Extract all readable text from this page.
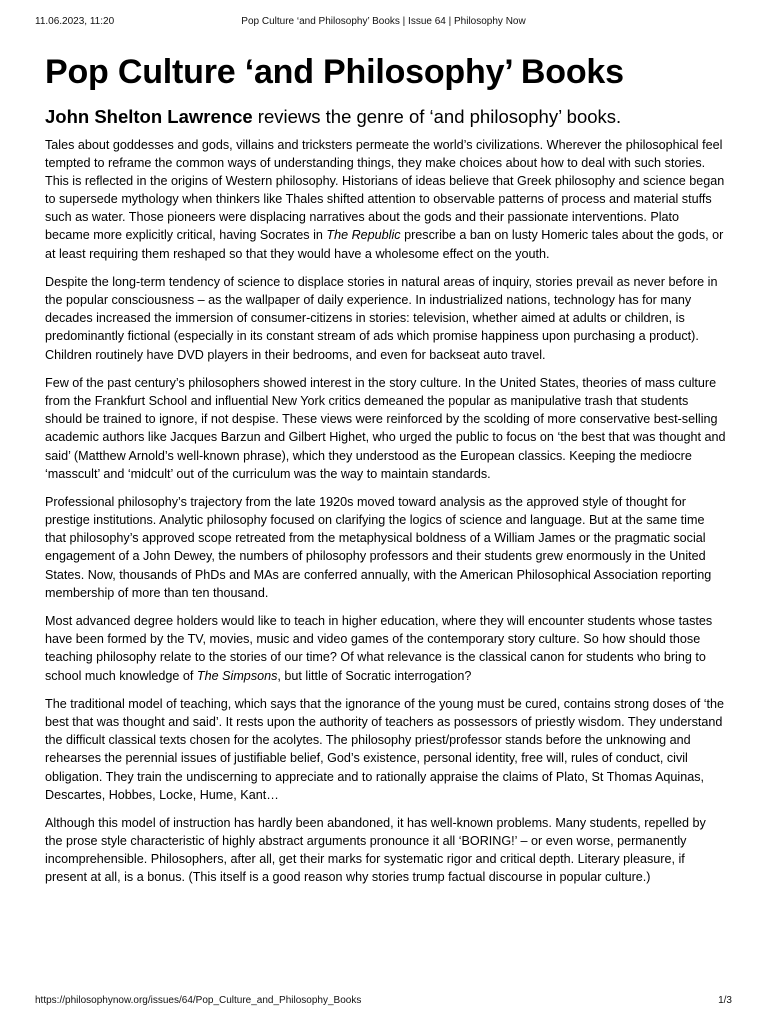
11.06.2023, 11:20	Pop Culture ‘and Philosophy’ Books | Issue 64 | Philosophy Now
Pop Culture ‘and Philosophy’ Books

John Shelton Lawrence reviews the genre of ‘and philosophy’ books.

Tales about goddesses and gods, villains and tricksters permeate the world’s civilizations. Wherever the philosophical feel tempted to reframe the common ways of understanding things, they make choices about how to deal with such stories. This is reflected in the origins of Western philosophy. Historians of ideas believe that Greek philosophy and science began to supersede mythology when thinkers like Thales shifted attention to observable patterns of process and material stuffs such as water. Those pioneers were displacing narratives about the gods and their passionate interventions. Plato became more explicitly critical, having Socrates in The Republic prescribe a ban on lusty Homeric tales about the gods, or at least requiring them reshaped so that they would have a wholesome effect on the youth.

Despite the long-term tendency of science to displace stories in natural areas of inquiry, stories prevail as never before in the popular consciousness – as the wallpaper of daily experience. In industrialized nations, technology has for many decades increased the immersion of consumer-citizens in stories: television, whether aimed at adults or children, is predominantly fictional (especially in its constant stream of ads which promise happiness upon purchasing a product). Children routinely have DVD players in their bedrooms, and even for backseat auto travel.

Few of the past century’s philosophers showed interest in the story culture. In the United States, theories of mass culture from the Frankfurt School and influential New York critics demeaned the popular as manipulative trash that students should be trained to ignore, if not despise. These views were reinforced by the scolding of more conservative best-selling academic authors like Jacques Barzun and Gilbert Highet, who urged the public to focus on ‘the best that was thought and said’ (Matthew Arnold’s well-known phrase), which they understood as the European classics. Keeping the mediocre ‘masscult’ and ‘midcult’ out of the curriculum was the way to maintain standards.

Professional philosophy’s trajectory from the late 1920s moved toward analysis as the approved style of thought for prestige institutions. Analytic philosophy focused on clarifying the logics of science and language. But at the same time that philosophy’s approved scope retreated from the metaphysical boldness of a William James or the pragmatic social engagement of a John Dewey, the numbers of philosophy professors and their students grew enormously in the United States. Now, thousands of PhDs and MAs are conferred annually, with the American Philosophical Association reporting membership of more than ten thousand.

Most advanced degree holders would like to teach in higher education, where they will encounter students whose tastes have been formed by the TV, movies, music and video games of the contemporary story culture. So how should those teaching philosophy relate to the stories of our time? Of what relevance is the classical canon for students who bring to school much knowledge of The Simpsons, but little of Socratic interrogation?

The traditional model of teaching, which says that the ignorance of the young must be cured, contains strong doses of ‘the best that was thought and said’. It rests upon the authority of teachers as possessors of priestly wisdom. They understand the difficult classical texts chosen for the acolytes. The philosophy priest/professor stands before the unknowing and rehearses the perennial issues of justifiable belief, God’s existence, personal identity, free will, rules of conduct, civil obligation. They train the undiscerning to appreciate and to rationally appraise the claims of Plato, St Thomas Aquinas, Descartes, Hobbes, Locke, Hume, Kant…

Although this model of instruction has hardly been abandoned, it has well-known problems. Many students, repelled by the prose style characteristic of highly abstract arguments pronounce it all ‘BORING!’ – or even worse, permanently incomprehensible. Philosophers, after all, get their marks for systematic rigor and critical depth. Literary pleasure, if present at all, is a bonus. (This itself is a good reason why stories trump factual discourse in popular culture.)

https://philosophynow.org/issues/64/Pop_Culture_and_Philosophy_Books	1/3
